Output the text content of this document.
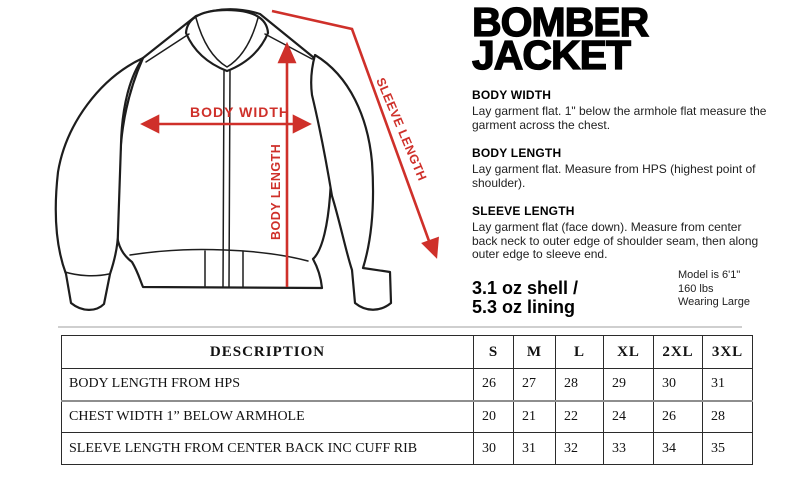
BODY WIDTH
BODY LENGTH
SLEEVE LENGTH
BOMBER
JACKET
BODY WIDTH

Lay garment flat. 1" below the armhole flat measure the garment across the chest.

BODY LENGTH

Lay garment flat. Measure from HPS (highest point of shoulder).

SLEEVE LENGTH

Lay garment flat (face down). Measure from center back neck to outer edge of shoulder seam, then along outer edge to sleeve end.

3.1 oz shell /
5.3 oz lining
Model is 6'1"
160 lbs
Wearing Large
DESCRIPTION	S	M	L	XL	2XL	3XL
BODY LENGTH FROM HPS	26	27	28	29	30	31
CHEST WIDTH 1” BELOW ARMHOLE	20	21	22	24	26	28
SLEEVE LENGTH FROM CENTER BACK INC CUFF RIB	30	31	32	33	34	35
